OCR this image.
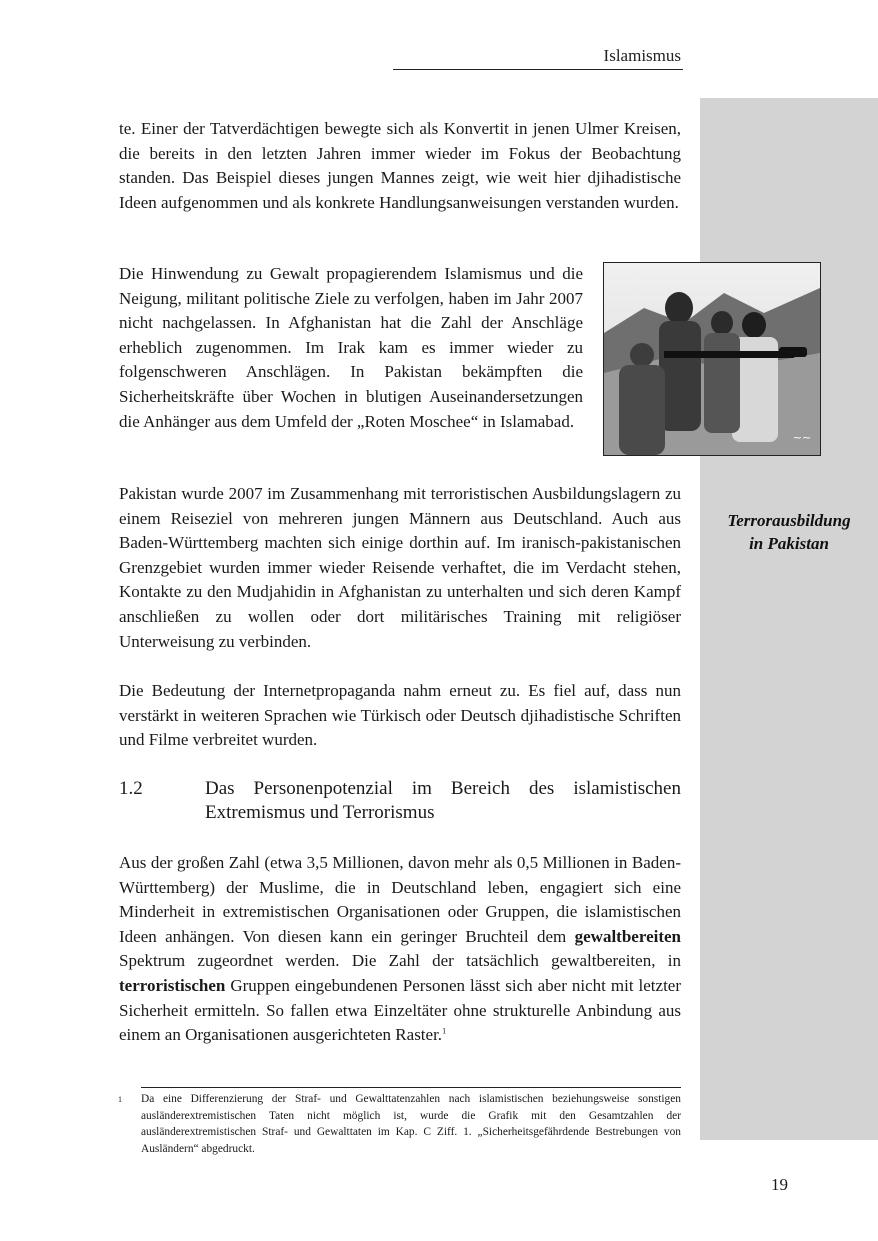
Islamismus
Terrorausbildung
in Pakistan

te. Einer der Tatverdächtigen bewegte sich als Konvertit in jenen Ulmer Kreisen, die bereits in den letzten Jahren immer wieder im Fokus der Beobachtung standen. Das Beispiel dieses jungen Mannes zeigt, wie weit hier djihadistische Ideen aufgenommen und als konkrete Handlungsanweisungen verstanden wurden.

Die Hinwendung zu Gewalt propagierendem Islamismus und die Neigung, militant politische Ziele zu verfolgen, haben im Jahr 2007 nicht nachgelassen. In Afghanistan hat die Zahl der Anschläge erheblich zugenommen. Im Irak kam es immer wieder zu folgenschweren Anschlägen. In Pakistan bekämpften die Sicherheitskräfte über Wochen in blutigen Auseinandersetzungen die Anhänger aus dem Umfeld der „Roten Moschee“ in Islamabad.

~~

Pakistan wurde 2007 im Zusammenhang mit terroristischen Ausbildungslagern zu einem Reiseziel von mehreren jungen Männern aus Deutschland. Auch aus Baden-Württemberg machten sich einige dorthin auf. Im iranisch-pakistanischen Grenzgebiet wurden immer wieder Reisende verhaftet, die im Verdacht stehen, Kontakte zu den Mudjahidin in Afghanistan zu unterhalten und sich deren Kampf anschließen zu wollen oder dort militärisches Training mit religiöser Unterweisung zu verbinden.

Die Bedeutung der Internetpropaganda nahm erneut zu. Es fiel auf, dass nun verstärkt in weiteren Sprachen wie Türkisch oder Deutsch djihadistische Schriften und Filme verbreitet wurden.

1.2	Das Personenpotenzial im Bereich des islamistischen Extremismus und Terrorismus

Aus der großen Zahl (etwa 3,5 Millionen, davon mehr als 0,5 Millionen in Baden-Württemberg) der Muslime, die in Deutschland leben, engagiert sich eine Minderheit in extremistischen Organisationen oder Gruppen, die islamistischen Ideen anhängen. Von diesen kann ein geringer Bruchteil dem gewaltbereiten Spektrum zugeordnet werden. Die Zahl der tatsächlich gewaltbereiten, in terroristischen Gruppen eingebundenen Personen lässt sich aber nicht mit letzter Sicherheit ermitteln. So fallen etwa Einzeltäter ohne strukturelle Anbindung aus einem an Organisationen ausgerichteten Raster.$^1$

1 Da eine Differenzierung der Straf- und Gewalttatenzahlen nach islamistischen beziehungsweise sonstigen ausländerextremistischen Taten nicht möglich ist, wurde die Grafik mit den Gesamtzahlen der ausländerextremistischen Straf- und Gewalttaten im Kap. C Ziff. 1. „Sicherheitsgefährdende Bestrebungen von Ausländern“ abgedruckt.

19
